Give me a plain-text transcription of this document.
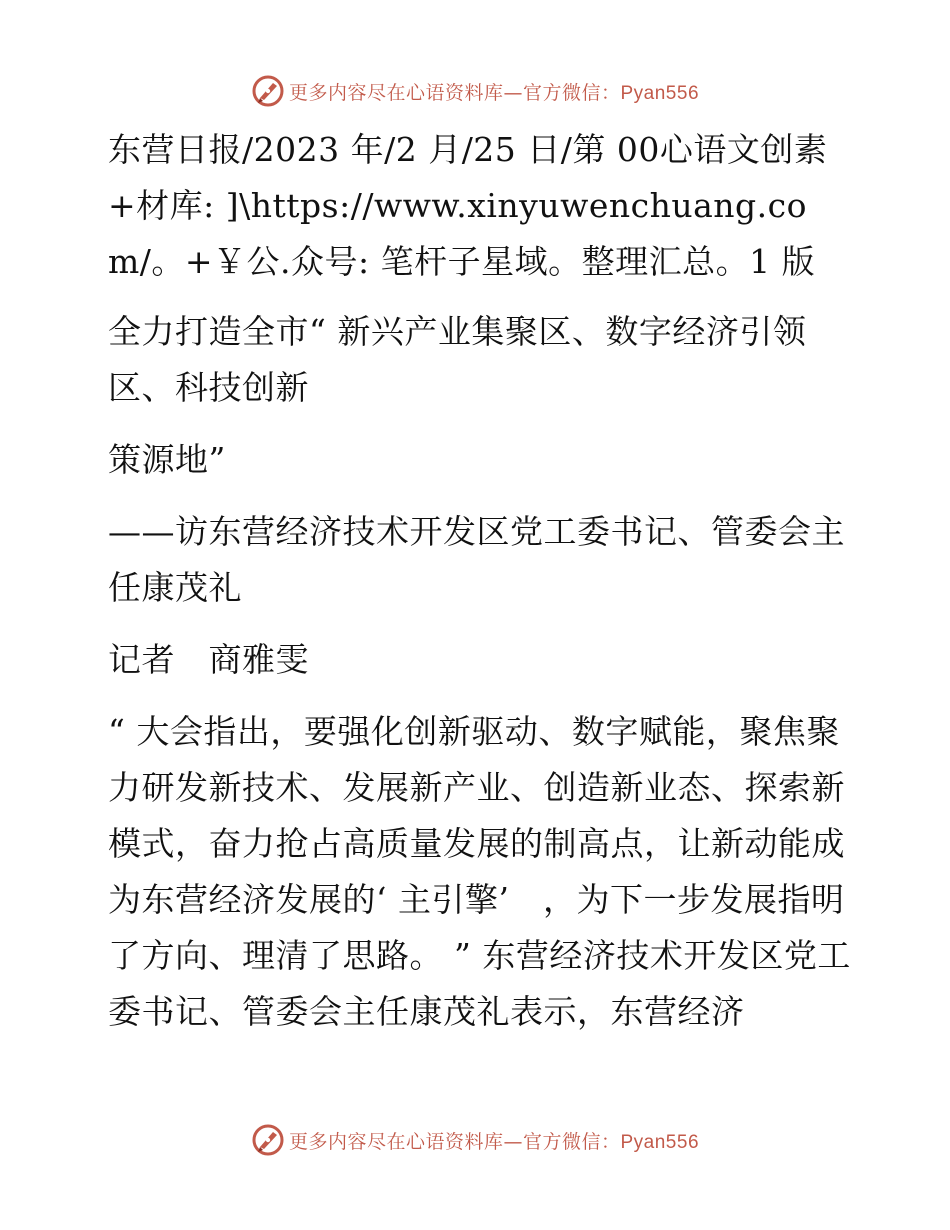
更多内容尽在心语资料库—官方微信：Pyan556

东营日报/2023 年/2 月/25 日/第 00心语文创素+材库: ]\https://www.xinyuwenchuang.com/。+￥公.众号: 笔杆子星域。整理汇总。1 版

全力打造全市“ 新兴产业集聚区、数字经济引领区、科技创新

策源地”

——访东营经济技术开发区党工委书记、管委会主任康茂礼

记者　商雅雯

“ 大会指出，要强化创新驱动、数字赋能，聚焦聚力研发新技术、发展新产业、创造新业态、探索新模式，奋力抢占高质量发展的制高点，让新动能成为东营经济发展的‘ 主引擎’　，为下一步发展指明了方向、理清了思路。 ” 东营经济技术开发区党工委书记、管委会主任康茂礼表示，东营经济

更多内容尽在心语资料库—官方微信：Pyan556
